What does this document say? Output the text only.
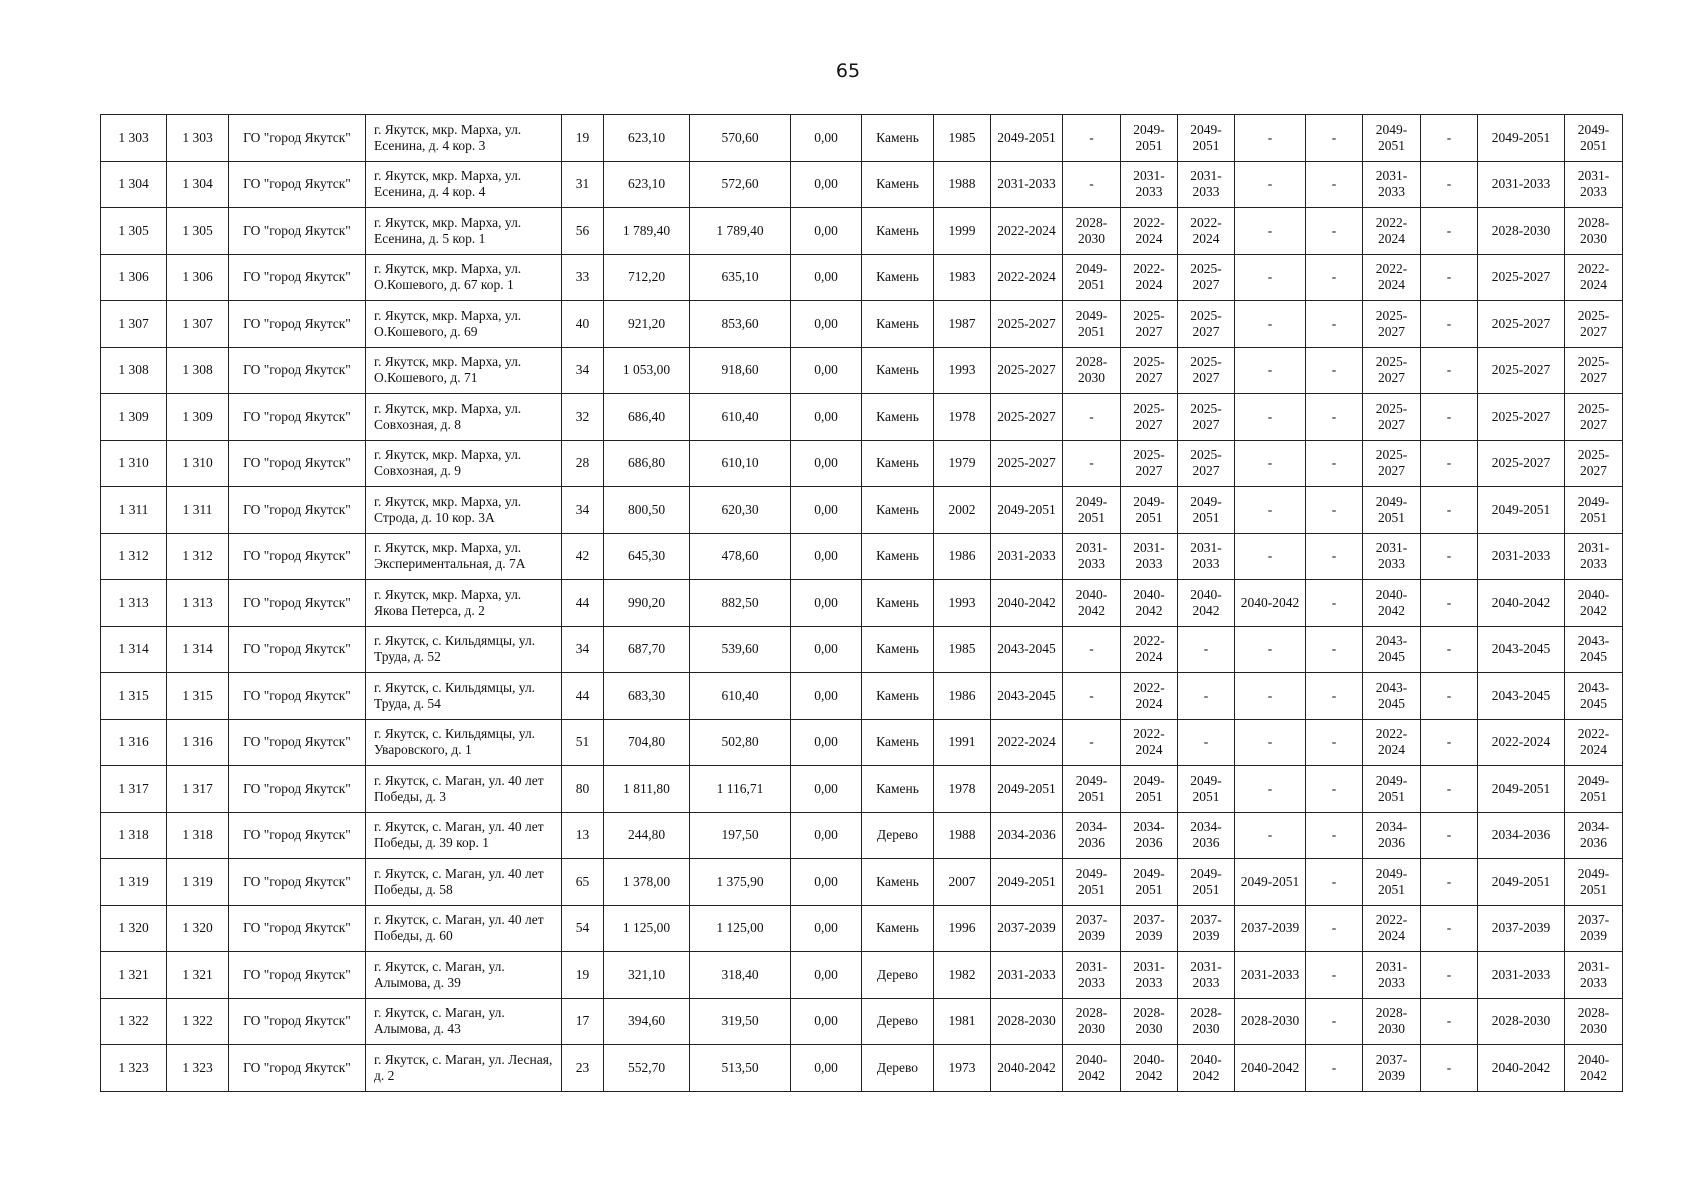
65
1 303	1 303	ГО "город Якутск"	г. Якутск, мкр. Марха, ул. Есенина, д. 4 кор. 3	19	623,10	570,60	0,00	Камень	1985	2049-2051	-	2049-2051	2049-2051	-	-	2049-2051	-	2049-2051	2049-2051
1 304	1 304	ГО "город Якутск"	г. Якутск, мкр. Марха, ул. Есенина, д. 4 кор. 4	31	623,10	572,60	0,00	Камень	1988	2031-2033	-	2031-2033	2031-2033	-	-	2031-2033	-	2031-2033	2031-2033
1 305	1 305	ГО "город Якутск"	г. Якутск, мкр. Марха, ул. Есенина, д. 5 кор. 1	56	1 789,40	1 789,40	0,00	Камень	1999	2022-2024	2028-2030	2022-2024	2022-2024	-	-	2022-2024	-	2028-2030	2028-2030
1 306	1 306	ГО "город Якутск"	г. Якутск, мкр. Марха, ул. О.Кошевого, д. 67 кор. 1	33	712,20	635,10	0,00	Камень	1983	2022-2024	2049-2051	2022-2024	2025-2027	-	-	2022-2024	-	2025-2027	2022-2024
1 307	1 307	ГО "город Якутск"	г. Якутск, мкр. Марха, ул. О.Кошевого, д. 69	40	921,20	853,60	0,00	Камень	1987	2025-2027	2049-2051	2025-2027	2025-2027	-	-	2025-2027	-	2025-2027	2025-2027
1 308	1 308	ГО "город Якутск"	г. Якутск, мкр. Марха, ул. О.Кошевого, д. 71	34	1 053,00	918,60	0,00	Камень	1993	2025-2027	2028-2030	2025-2027	2025-2027	-	-	2025-2027	-	2025-2027	2025-2027
1 309	1 309	ГО "город Якутск"	г. Якутск, мкр. Марха, ул. Совхозная, д. 8	32	686,40	610,40	0,00	Камень	1978	2025-2027	-	2025-2027	2025-2027	-	-	2025-2027	-	2025-2027	2025-2027
1 310	1 310	ГО "город Якутск"	г. Якутск, мкр. Марха, ул. Совхозная, д. 9	28	686,80	610,10	0,00	Камень	1979	2025-2027	-	2025-2027	2025-2027	-	-	2025-2027	-	2025-2027	2025-2027
1 311	1 311	ГО "город Якутск"	г. Якутск, мкр. Марха, ул. Строда, д. 10 кор. 3А	34	800,50	620,30	0,00	Камень	2002	2049-2051	2049-2051	2049-2051	2049-2051	-	-	2049-2051	-	2049-2051	2049-2051
1 312	1 312	ГО "город Якутск"	г. Якутск, мкр. Марха, ул. Экспериментальная, д. 7А	42	645,30	478,60	0,00	Камень	1986	2031-2033	2031-2033	2031-2033	2031-2033	-	-	2031-2033	-	2031-2033	2031-2033
1 313	1 313	ГО "город Якутск"	г. Якутск, мкр. Марха, ул. Якова Петерса, д. 2	44	990,20	882,50	0,00	Камень	1993	2040-2042	2040-2042	2040-2042	2040-2042	2040-2042	-	2040-2042	-	2040-2042	2040-2042
1 314	1 314	ГО "город Якутск"	г. Якутск, с. Кильдямцы, ул. Труда, д. 52	34	687,70	539,60	0,00	Камень	1985	2043-2045	-	2022-2024	-	-	-	2043-2045	-	2043-2045	2043-2045
1 315	1 315	ГО "город Якутск"	г. Якутск, с. Кильдямцы, ул. Труда, д. 54	44	683,30	610,40	0,00	Камень	1986	2043-2045	-	2022-2024	-	-	-	2043-2045	-	2043-2045	2043-2045
1 316	1 316	ГО "город Якутск"	г. Якутск, с. Кильдямцы, ул. Уваровского, д. 1	51	704,80	502,80	0,00	Камень	1991	2022-2024	-	2022-2024	-	-	-	2022-2024	-	2022-2024	2022-2024
1 317	1 317	ГО "город Якутск"	г. Якутск, с. Маган, ул. 40 лет Победы, д. 3	80	1 811,80	1 116,71	0,00	Камень	1978	2049-2051	2049-2051	2049-2051	2049-2051	-	-	2049-2051	-	2049-2051	2049-2051
1 318	1 318	ГО "город Якутск"	г. Якутск, с. Маган, ул. 40 лет Победы, д. 39 кор. 1	13	244,80	197,50	0,00	Дерево	1988	2034-2036	2034-2036	2034-2036	2034-2036	-	-	2034-2036	-	2034-2036	2034-2036
1 319	1 319	ГО "город Якутск"	г. Якутск, с. Маган, ул. 40 лет Победы, д. 58	65	1 378,00	1 375,90	0,00	Камень	2007	2049-2051	2049-2051	2049-2051	2049-2051	2049-2051	-	2049-2051	-	2049-2051	2049-2051
1 320	1 320	ГО "город Якутск"	г. Якутск, с. Маган, ул. 40 лет Победы, д. 60	54	1 125,00	1 125,00	0,00	Камень	1996	2037-2039	2037-2039	2037-2039	2037-2039	2037-2039	-	2022-2024	-	2037-2039	2037-2039
1 321	1 321	ГО "город Якутск"	г. Якутск, с. Маган, ул. Алымова, д. 39	19	321,10	318,40	0,00	Дерево	1982	2031-2033	2031-2033	2031-2033	2031-2033	2031-2033	-	2031-2033	-	2031-2033	2031-2033
1 322	1 322	ГО "город Якутск"	г. Якутск, с. Маган, ул. Алымова, д. 43	17	394,60	319,50	0,00	Дерево	1981	2028-2030	2028-2030	2028-2030	2028-2030	2028-2030	-	2028-2030	-	2028-2030	2028-2030
1 323	1 323	ГО "город Якутск"	г. Якутск, с. Маган, ул. Лесная, д. 2	23	552,70	513,50	0,00	Дерево	1973	2040-2042	2040-2042	2040-2042	2040-2042	2040-2042	-	2037-2039	-	2040-2042	2040-2042
